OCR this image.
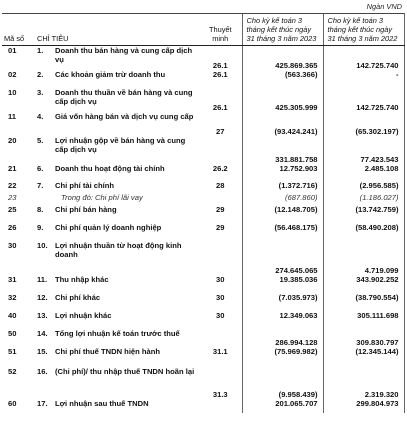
Ngàn VND
Mã số	CHỈ TIÊU		Thuyết minh	Cho kỳ kế toán 3 tháng kết thúc ngày 31 tháng 3 năm 2023	Cho kỳ kế toán 3 tháng kết thúc ngày 31 tháng 3 năm 2022
01	1.	Doanh thu bán hàng và cung cấp dịch vụ	26.1	425.869.365	142.725.740
02	2.	Các khoản giảm trừ doanh thu	26.1	(563.366)	-
10	3.	Doanh thu thuần về bán hàng và cung cấp dịch vụ	26.1	425.305.999	142.725.740
11	4.	Giá vốn hàng bán và dịch vụ cung cấp	27	(93.424.241)	(65.302.197)
20	5.	Lợi nhuận gộp về bán hàng và cung cấp dịch vụ		331.881.758	77.423.543
21	6.	Doanh thu hoạt động tài chính	26.2	12.752.903	2.485.108
22	7.	Chi phí tài chính	28	(1.372.716)	(2.956.585)
23		Trong đó: Chi phí lãi vay		(687.860)	(1.186.027)
25	8.	Chi phí bán hàng	29	(12.148.705)	(13.742.759)
26	9.	Chi phí quản lý doanh nghiệp	29	(56.468.175)	(58.490.208)
30	10.	Lợi nhuận thuần từ hoạt động kinh doanh		274.645.065	4.719.099
31	11.	Thu nhập khác	30	19.385.036	343.902.252
32	12.	Chi phí khác	30	(7.035.973)	(38.790.554)
40	13.	Lợi nhuận khác	30	12.349.063	305.111.698
50	14.	Tổng lợi nhuận kế toán trước thuế		286.994.128	309.830.797
51	15.	Chi phí thuế TNDN hiện hành	31.1	(75.969.982)	(12.345.144)
52	16.	(Chi phí)/ thu nhập thuế TNDN hoãn lại	31.3	(9.958.439)	2.319.320
60	17.	Lợi nhuận sau thuế TNDN		201.065.707	299.804.973
